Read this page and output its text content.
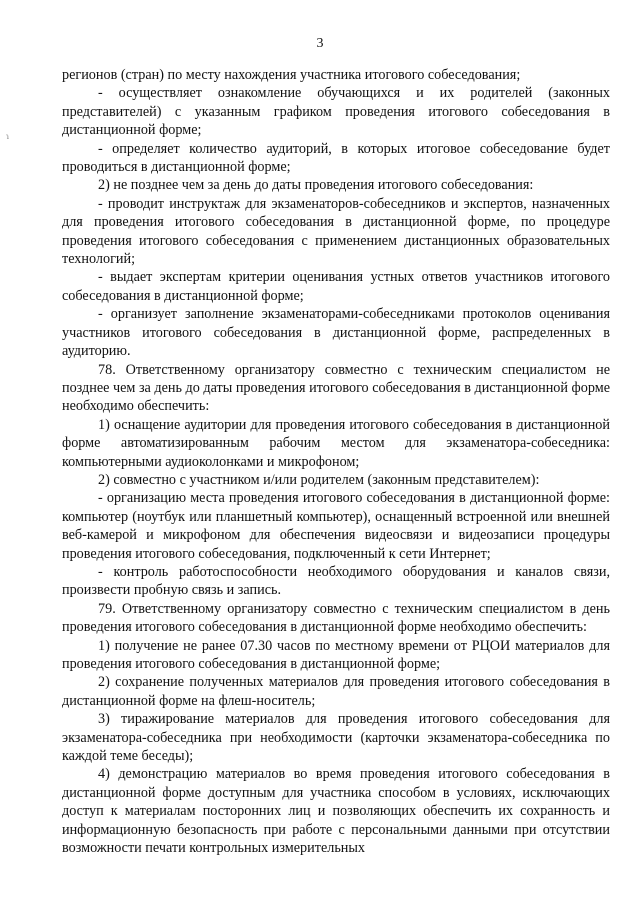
3
ɿ

регионов (стран) по месту нахождения участника итогового собеседования;

- осуществляет ознакомление обучающихся и их родителей (законных представителей) с указанным графиком проведения итогового собеседования в дистанционной форме;

- определяет количество аудиторий, в которых итоговое собеседование будет проводиться в дистанционной форме;

2) не позднее чем за день до даты проведения итогового собеседования:

- проводит инструктаж для экзаменаторов-собеседников и экспертов, назначенных для проведения итогового собеседования в дистанционной форме, по процедуре проведения итогового собеседования с применением дистанционных образовательных технологий;

- выдает экспертам критерии оценивания устных ответов участников итогового собеседования в дистанционной форме;

- организует заполнение экзаменаторами-собеседниками протоколов оценивания участников итогового собеседования в дистанционной форме, распределенных в аудиторию.

78. Ответственному организатору совместно с техническим специалистом не позднее чем за день до даты проведения итогового собеседования в дистанционной форме необходимо обеспечить:

1) оснащение аудитории для проведения итогового собеседования в дистанционной форме автоматизированным рабочим местом для экзаменатора-собеседника: компьютерными аудиоколонками и микрофоном;

2) совместно с участником и/или родителем (законным представителем):

- организацию места проведения итогового собеседования в дистанционной форме: компьютер (ноутбук или планшетный компьютер), оснащенный встроенной или внешней веб-камерой и микрофоном для обеспечения видеосвязи и видеозаписи процедуры проведения итогового собеседования, подключенный к сети Интернет;

- контроль работоспособности необходимого оборудования и каналов связи, произвести пробную связь и запись.

79. Ответственному организатору совместно с техническим специалистом в день проведения итогового собеседования в дистанционной форме необходимо обеспечить:

1) получение не ранее 07.30 часов по местному времени от РЦОИ материалов для проведения итогового собеседования в дистанционной форме;

2) сохранение полученных материалов для проведения итогового собеседования в дистанционной форме на флеш-носитель;

3) тиражирование материалов для проведения итогового собеседования для экзаменатора-собеседника при необходимости (карточки экзаменатора-собеседника по каждой теме беседы);

4) демонстрацию материалов во время проведения итогового собеседования в дистанционной форме доступным для участника способом в условиях, исключающих доступ к материалам посторонних лиц и позволяющих обеспечить их сохранность и информационную безопасность при работе с персональными данными при отсутствии возможности печати контрольных измерительных
